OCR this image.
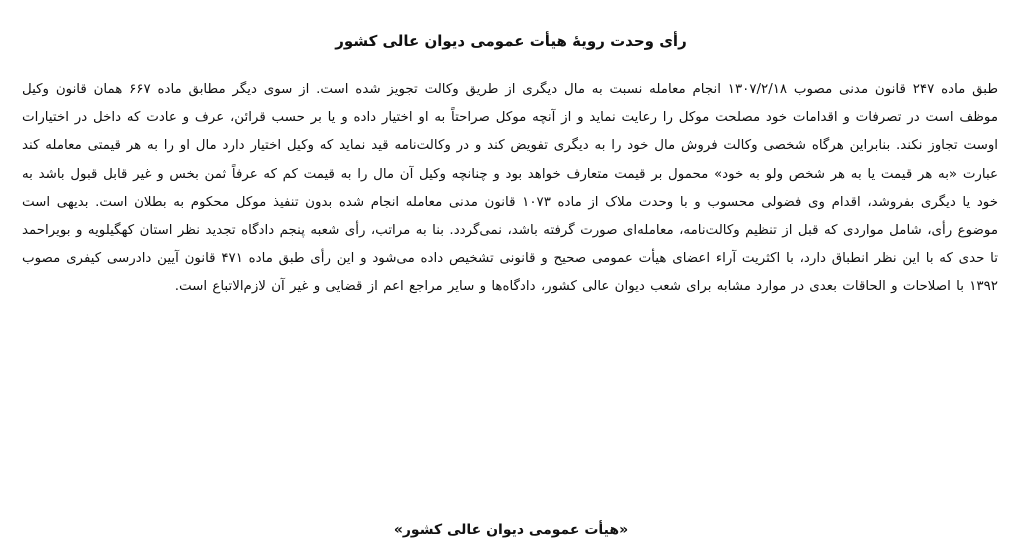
رأی وحدت رویهٔ هیأت عمومی دیوان عالی کشور

طبق ماده ۲۴۷ قانون مدنی مصوب ۱۳۰۷/۲/۱۸ انجام معامله نسبت به مال دیگری از طریق وکالت تجویز شده است. از سوی دیگر مطابق ماده ۶۶۷ همان قانون وکیل موظف است در تصرفات و اقدامات خود مصلحت موکل را رعایت نماید و از آنچه موکل صراحتاً به او اختیار داده و یا بر حسب قرائن، عرف و عادت که داخل در اختیارات اوست تجاوز نکند. بنابراین هرگاه شخصی وکالت فروش مال خود را به دیگری تفویض کند و در وکالت‌نامه قید نماید که وکیل اختیار دارد مال او را به هر قیمتی معامله کند عبارت «به هر قیمت یا به هر شخص ولو به خود» محمول بر قیمت متعارف خواهد بود و چنانچه وکیل آن مال را به قیمت کم که عرفاً ثمن بخس و غیر قابل قبول باشد به خود یا دیگری بفروشد، اقدام وی فضولی محسوب و با وحدت ملاک از ماده ۱۰۷۳ قانون مدنی معامله انجام شده بدون تنفیذ موکل محکوم به بطلان است. بدیهی است موضوع رأی، شامل مواردی که قبل از تنظیم وکالت‌نامه، معامله‌ای صورت گرفته باشد، نمی‌گردد. بنا به مراتب، رأی شعبه پنجم دادگاه تجدید نظر استان کهگیلویه و بویراحمد تا حدی که با این نظر انطباق دارد، با اکثریت آراء اعضای هیأت عمومی صحیح و قانونی تشخیص داده می‌شود و این رأی طبق ماده ۴۷۱ قانون آیین دادرسی کیفری مصوب ۱۳۹۲ با اصلاحات و الحاقات بعدی در موارد مشابه برای شعب دیوان عالی کشور، دادگاه‌ها و سایر مراجع اعم از قضایی و غیر آن لازم‌الاتباع است.

«هیأت عمومی دیوان عالی کشور»
